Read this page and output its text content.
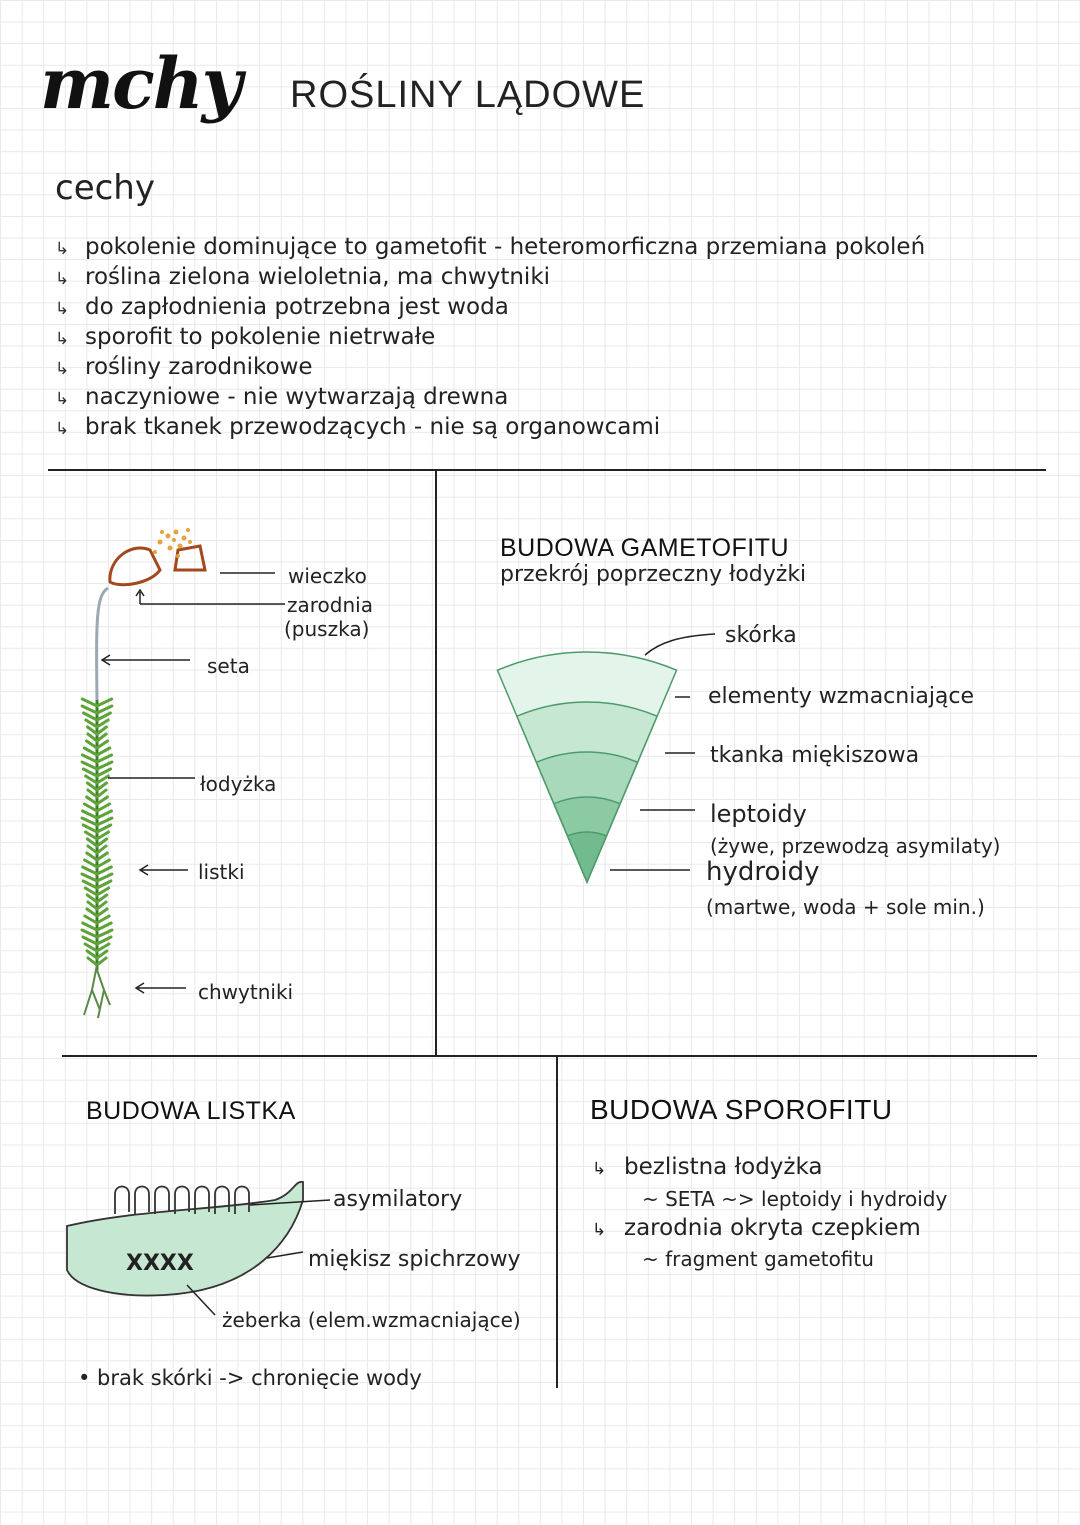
mchy ROŚLINY LĄDOWE
cechy
↳ pokolenie dominujące to gametofit - heteromorficzna przemiana pokoleń
↳ roślina zielona wieloletnia, ma chwytniki
↳ do zapłodnienia potrzebna jest woda
↳ sporofit to pokolenie nietrwałe
↳ rośliny zarodnikowe
↳ naczyniowe - nie wytwarzają drewna
↳ brak tkanek przewodzących - nie są organowcami
wieczko
zarodnia
(puszka)
seta
łodyżka
listki
chwytniki
BUDOWA GAMETOFITU
przekrój poprzeczny łodyżki
skórka
elementy wzmacniające
tkanka miękiszowa
leptoidy
(żywe, przewodzą asymilaty)
hydroidy
(martwe, woda + sole min.)
BUDOWA LISTKA
XXXX
asymilatory
miękisz spichrzowy
żeberka (elem.wzmacniające)
• brak skórki -> chronięcie wody
BUDOWA SPOROFITU
↳ bezlistna łodyżka
~ SETA ~> leptoidy i hydroidy
↳ zarodnia okryta czepkiem
~ fragment gametofitu
